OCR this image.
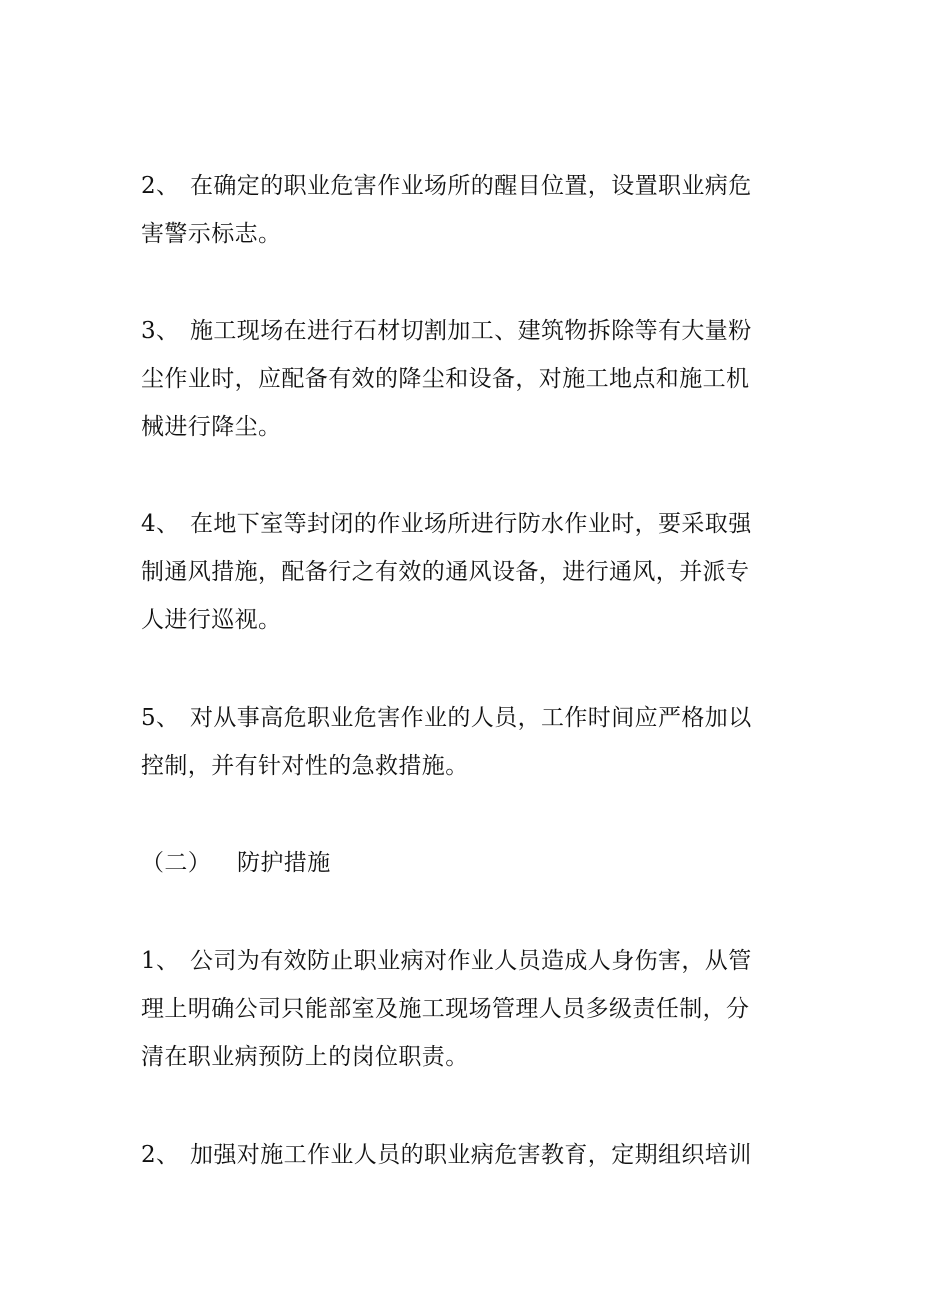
2、 在确定的职业危害作业场所的醒目位置，设置职业病危
害警示标志。
3、 施工现场在进行石材切割加工、建筑物拆除等有大量粉
尘作业时，应配备有效的降尘和设备，对施工地点和施工机
械进行降尘。
4、 在地下室等封闭的作业场所进行防水作业时，要采取强
制通风措施，配备行之有效的通风设备，进行通风，并派专
人进行巡视。
5、 对从事高危职业危害作业的人员，工作时间应严格加以
控制，并有针对性的急救措施。
（二） 防护措施
1、 公司为有效防止职业病对作业人员造成人身伤害，从管
理上明确公司只能部室及施工现场管理人员多级责任制，分
清在职业病预防上的岗位职责。
2、 加强对施工作业人员的职业病危害教育，定期组织培训
